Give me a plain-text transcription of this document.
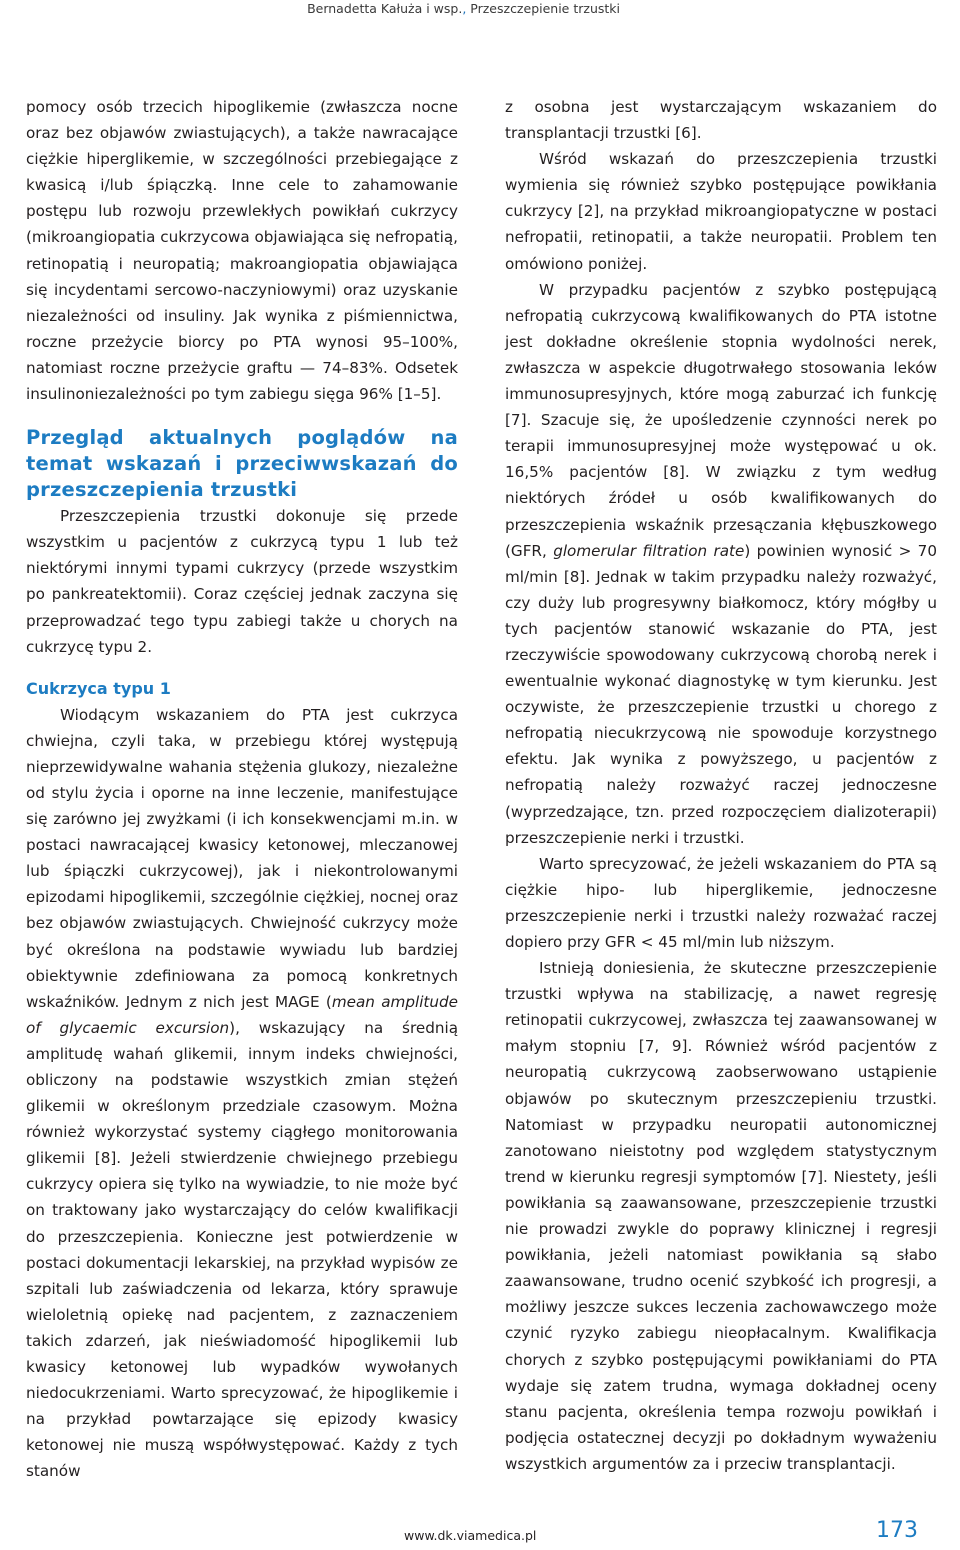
Bernadetta Kałuża i wsp., Przeszczepienie trzustki

pomocy osób trzecich hipoglikemie (zwłaszcza nocne oraz bez objawów zwiastujących), a także nawracające ciężkie hiperglikemie, w szczególności przebiegające z kwasicą i/lub śpiączką. Inne cele to zahamowanie postępu lub rozwoju przewlekłych powikłań cukrzycy (mikroangiopatia cukrzycowa objawiająca się nefropatią, retinopatią i neuropatią; makroangiopatia objawiająca się incydentami sercowo-naczyniowymi) oraz uzyskanie niezależności od insuliny. Jak wynika z piśmiennictwa, roczne przeżycie biorcy po PTA wynosi 95–100%, natomiast roczne przeżycie graftu — 74–83%. Odsetek insulinoniezależności po tym zabiegu sięga 96% [1–5].

Przegląd aktualnych poglądów na temat wskazań i przeciwwskazań do przeszczepienia trzustki

Przeszczepienia trzustki dokonuje się przede wszystkim u pacjentów z cukrzycą typu 1 lub też niektórymi innymi typami cukrzycy (przede wszystkim po pankreatektomii). Coraz częściej jednak zaczyna się przeprowadzać tego typu zabiegi także u chorych na cukrzycę typu 2.

Cukrzyca typu 1

Wiodącym wskazaniem do PTA jest cukrzyca chwiejna, czyli taka, w przebiegu której występują nieprzewidywalne wahania stężenia glukozy, niezależne od stylu życia i oporne na inne leczenie, manifestujące się zarówno jej zwyżkami (i ich konsekwencjami m.in. w postaci nawracającej kwasicy ketonowej, mleczanowej lub śpiączki cukrzycowej), jak i niekontrolowanymi epizodami hipoglikemii, szczególnie ciężkiej, nocnej oraz bez objawów zwiastujących. Chwiejność cukrzycy może być określona na podstawie wywiadu lub bardziej obiektywnie zdefiniowana za pomocą konkretnych wskaźników. Jednym z nich jest MAGE (mean amplitude of glycaemic excursion), wskazujący na średnią amplitudę wahań glikemii, innym indeks chwiejności, obliczony na podstawie wszystkich zmian stężeń glikemii w określonym przedziale czasowym. Można również wykorzystać systemy ciągłego monitorowania glikemii [8]. Jeżeli stwierdzenie chwiejnego przebiegu cukrzycy opiera się tylko na wywiadzie, to nie może być on traktowany jako wystarczający do celów kwalifikacji do przeszczepienia. Konieczne jest potwierdzenie w postaci dokumentacji lekarskiej, na przykład wypisów ze szpitali lub zaświadczenia od lekarza, który sprawuje wieloletnią opiekę nad pacjentem, z zaznaczeniem takich zdarzeń, jak nieświadomość hipoglikemii lub kwasicy ketonowej lub wypadków wywołanych niedocukrzeniami. Warto sprecyzować, że hipoglikemie i na przykład powtarzające się epizody kwasicy ketonowej nie muszą współwystępować. Każdy z tych stanów

z osobna jest wystarczającym wskazaniem do transplantacji trzustki [6].

Wśród wskazań do przeszczepienia trzustki wymienia się również szybko postępujące powikłania cukrzycy [2], na przykład mikroangiopatyczne w postaci nefropatii, retinopatii, a także neuropatii. Problem ten omówiono poniżej.

W przypadku pacjentów z szybko postępującą nefropatią cukrzycową kwalifikowanych do PTA istotne jest dokładne określenie stopnia wydolności nerek, zwłaszcza w aspekcie długotrwałego stosowania leków immunosupresyjnych, które mogą zaburzać ich funkcję [7]. Szacuje się, że upośledzenie czynności nerek po terapii immunosupresyjnej może występować u ok. 16,5% pacjentów [8]. W związku z tym według niektórych źródeł u osób kwalifikowanych do przeszczepienia wskaźnik przesączania kłębuszkowego (GFR, glomerular filtration rate) powinien wynosić > 70 ml/min [8]. Jednak w takim przypadku należy rozważyć, czy duży lub progresywny białkomocz, który mógłby u tych pacjentów stanowić wskazanie do PTA, jest rzeczywiście spowodowany cukrzycową chorobą nerek i ewentualnie wykonać diagnostykę w tym kierunku. Jest oczywiste, że przeszczepienie trzustki u chorego z nefropatią niecukrzycową nie spowoduje korzystnego efektu. Jak wynika z powyższego, u pacjentów z nefropatią należy rozważyć raczej jednoczesne (wyprzedzające, tzn. przed rozpoczęciem dializoterapii) przeszczepienie nerki i trzustki.

Warto sprecyzować, że jeżeli wskazaniem do PTA są ciężkie hipo- lub hiperglikemie, jednoczesne przeszczepienie nerki i trzustki należy rozważać raczej dopiero przy GFR < 45 ml/min lub niższym.

Istnieją doniesienia, że skuteczne przeszczepienie trzustki wpływa na stabilizację, a nawet regresję retinopatii cukrzycowej, zwłaszcza tej zaawansowanej w małym stopniu [7, 9]. Również wśród pacjentów z neuropatią cukrzycową zaobserwowano ustąpienie objawów po skutecznym przeszczepieniu trzustki. Natomiast w przypadku neuropatii autonomicznej zanotowano nieistotny pod względem statystycznym trend w kierunku regresji symptomów [7]. Niestety, jeśli powikłania są zaawansowane, przeszczepienie trzustki nie prowadzi zwykle do poprawy klinicznej i regresji powikłania, jeżeli natomiast powikłania są słabo zaawansowane, trudno ocenić szybkość ich progresji, a możliwy jeszcze sukces leczenia zachowawczego może czynić ryzyko zabiegu nieopłacalnym. Kwalifikacja chorych z szybko postępującymi powikłaniami do PTA wydaje się zatem trudna, wymaga dokładnej oceny stanu pacjenta, określenia tempa rozwoju powikłań i podjęcia ostatecznej decyzji po dokładnym wyważeniu wszystkich argumentów za i przeciw transplantacji.

www.dk.viamedica.pl	173
